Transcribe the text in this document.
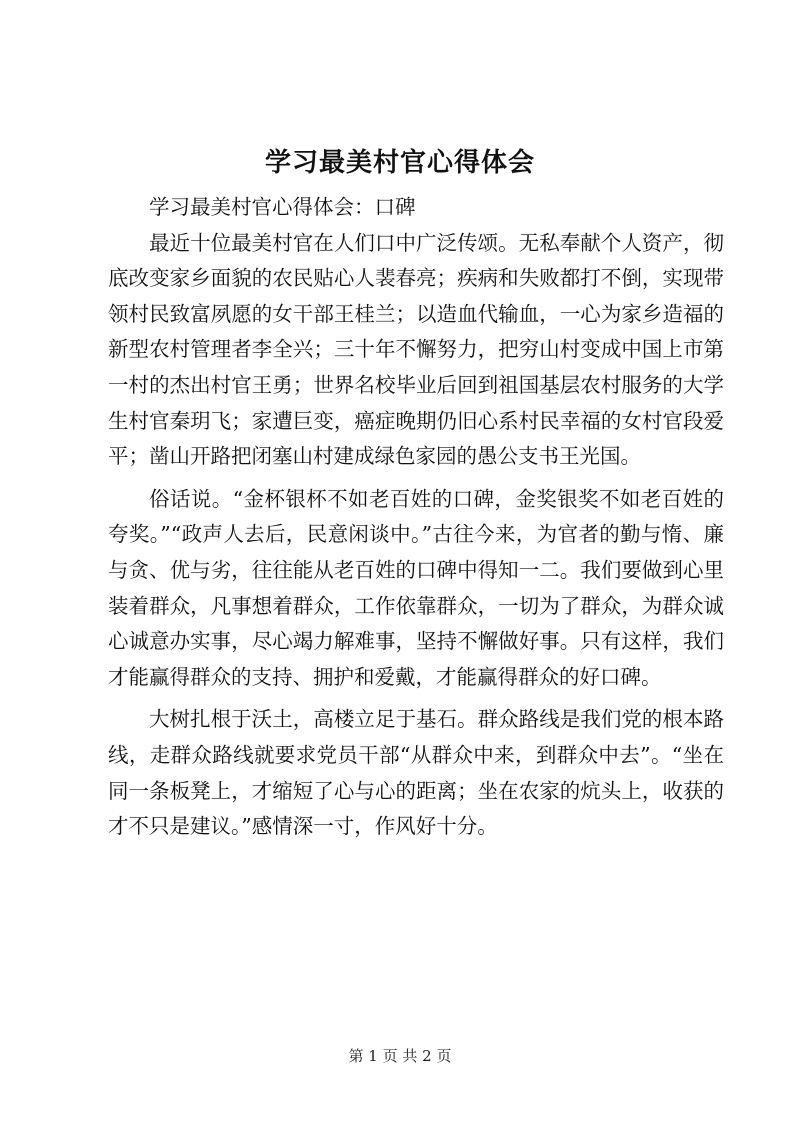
学习最美村官心得体会

学习最美村官心得体会：口碑

最近十位最美村官在人们口中广泛传颂。无私奉献个人资产，彻底改变家乡面貌的农民贴心人裴春亮；疾病和失败都打不倒，实现带领村民致富夙愿的女干部王桂兰；以造血代输血，一心为家乡造福的新型农村管理者李全兴；三十年不懈努力，把穷山村变成中国上市第一村的杰出村官王勇；世界名校毕业后回到祖国基层农村服务的大学生村官秦玥飞；家遭巨变，癌症晚期仍旧心系村民幸福的女村官段爱平；凿山开路把闭塞山村建成绿色家园的愚公支书王光国。

俗话说。“金杯银杯不如老百姓的口碑，金奖银奖不如老百姓的夸奖。”“政声人去后，民意闲谈中。”古往今来，为官者的勤与惰、廉与贪、优与劣，往往能从老百姓的口碑中得知一二。我们要做到心里装着群众，凡事想着群众，工作依靠群众，一切为了群众，为群众诚心诚意办实事，尽心竭力解难事，坚持不懈做好事。只有这样，我们才能赢得群众的支持、拥护和爱戴，才能赢得群众的好口碑。

大树扎根于沃土，高楼立足于基石。群众路线是我们党的根本路线，走群众路线就要求党员干部“从群众中来，到群众中去”。“坐在同一条板凳上，才缩短了心与心的距离；坐在农家的炕头上，收获的才不只是建议。”感情深一寸，作风好十分。

第 1 页 共 2 页
